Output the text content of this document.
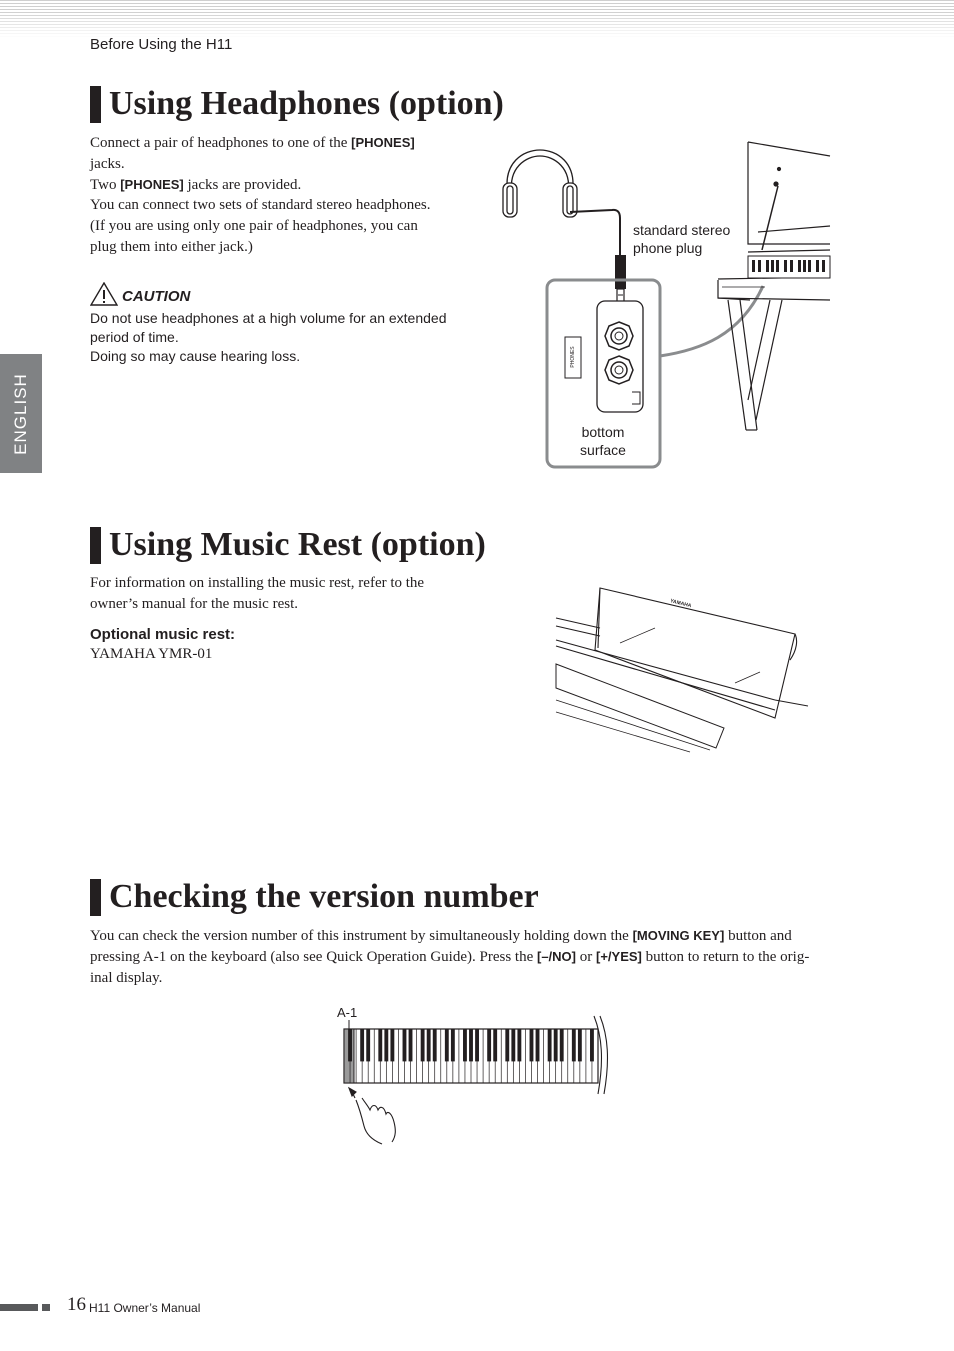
Before Using the H11
ENGLISH
Using Headphones (option)
Connect a pair of headphones to one of the [PHONES]
jacks.
Two [PHONES] jacks are provided.
You can connect two sets of standard stereo headphones.
(If you are using only one pair of headphones, you can
plug them into either jack.)
CAUTION
Do not use headphones at a high volume for an extended
period of time.
Doing so may cause hearing loss.
standard stereo
phone plug
bottom
surface
PHONES
Using Music Rest (option)
For information on installing the music rest, refer to the
owner’s manual for the music rest.
Optional music rest:
YAMAHA YMR-01
YAMAHA
Checking the version number
You can check the version number of this instrument by simultaneously holding down the [MOVING KEY] button and
pressing A-1 on the keyboard (also see Quick Operation Guide). Press the [–/NO] or [+/YES] button to return to the orig-
inal display.
A-1
16 H11 Owner’s Manual
